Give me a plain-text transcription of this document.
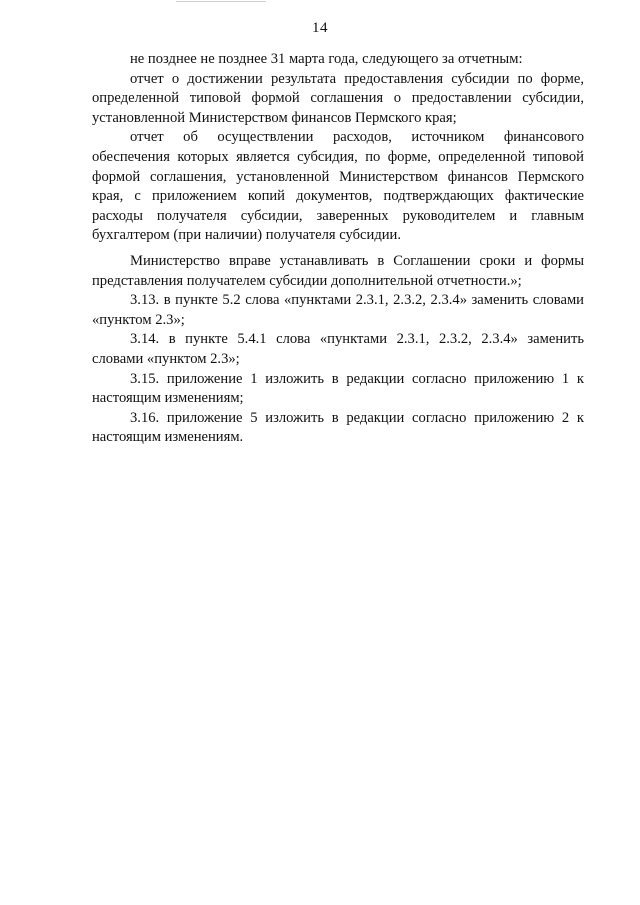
14

не позднее не позднее 31 марта года, следующего за отчетным:

отчет о достижении результата предоставления субсидии по форме, определенной типовой формой соглашения о предоставлении субсидии, установленной Министерством финансов Пермского края;

отчет об осуществлении расходов, источником финансового обеспечения которых является субсидия, по форме, определенной типовой формой соглашения, установленной Министерством финансов Пермского края, с приложением копий документов, подтверждающих фактические расходы получателя субсидии, заверенных руководителем и главным бухгалтером (при наличии) получателя субсидии.

Министерство вправе устанавливать в Соглашении сроки и формы представления получателем субсидии дополнительной отчетности.»;

3.13. в пункте 5.2 слова «пунктами 2.3.1, 2.3.2, 2.3.4» заменить словами «пунктом 2.3»;

3.14. в пункте 5.4.1 слова «пунктами 2.3.1, 2.3.2, 2.3.4» заменить словами «пунктом 2.3»;

3.15. приложение 1 изложить в редакции согласно приложению 1 к настоящим изменениям;

3.16. приложение 5 изложить в редакции согласно приложению 2 к настоящим изменениям.
